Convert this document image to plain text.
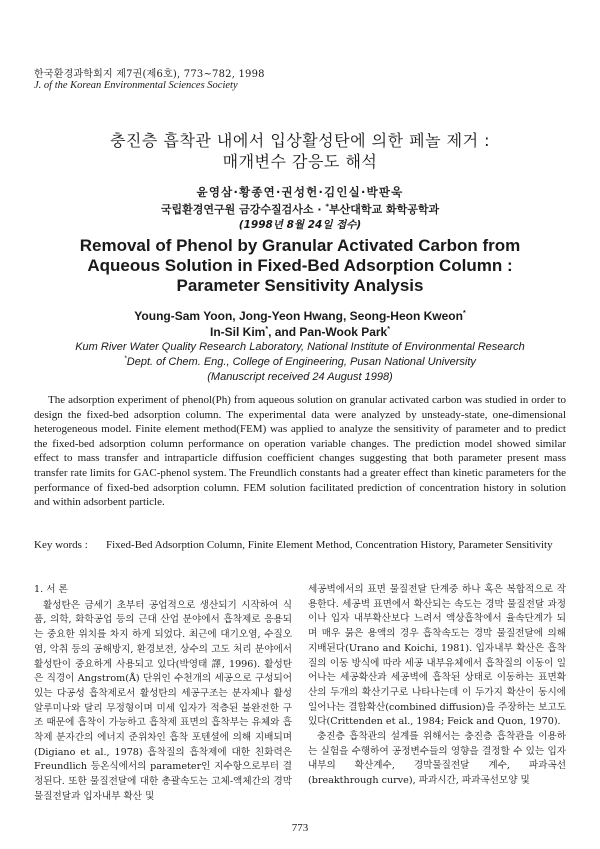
한국환경과학회지 제7권(제6호), 773~782, 1998
J. of the Korean Environmental Sciences Society
충진층 흡착관 내에서 입상활성탄에 의한 페놀 제거 :
매개변수 감응도 해석
윤영삼·황종연·권성헌·김인실·박판욱
국립환경연구원 금강수질검사소 · *부산대학교 화학공학과
(1998년 8월 24일 접수)
Removal of Phenol by Granular Activated Carbon from
Aqueous Solution in Fixed-Bed Adsorption Column :
Parameter Sensitivity Analysis
Young-Sam Yoon, Jong-Yeon Hwang, Seong-Heon Kweon*
In-Sil Kim*, and Pan-Wook Park*
Kum River Water Quality Research Laboratory, National Institute of Environmental Research
*Dept. of Chem. Eng., College of Engineering, Pusan National University
(Manuscript received 24 August 1998)
The adsorption experiment of phenol(Ph) from aqueous solution on granular activated carbon was studied in order to design the fixed-bed adsorption column. The experimental data were analyzed by unsteady-state, one-dimensional heterogeneous model. Finite element method(FEM) was applied to analyze the sensitivity of parameter and to predict the fixed-bed adsorption column performance on operation variable changes. The prediction model showed similar effect to mass transfer and intraparticle diffusion coefficient changes suggesting that both parameter present mass transfer rate limits for GAC-phenol system. The Freundlich constants had a greater effect than kinetic parameters for the performance of fixed-bed adsorption column. FEM solution facilitated prediction of concentration history in solution and within adsorbent particle.
Key words : Fixed-Bed Adsorption Column, Finite Element Method, Concentration History, Parameter Sensitivity

1. 서 론

활성탄은 금세기 초부터 공업적으로 생산되기 시작하여 식품, 의학, 화학공업 등의 근대 산업 분야에서 흡착제로 응용되는 중요한 위치를 차지 하게 되었다. 최근에 대기오염, 수질오염, 악취 등의 공해방지, 환경보전, 상수의 고도 처리 분야에서 활성탄이 중요하게 사용되고 있다(박영태 譯, 1996). 활성탄은 직경이 Angstrom(Å) 단위인 수천개의 세공으로 구성되어 있는 다공성 흡착제로서 활성탄의 세공구조는 분자체나 활성 알루미나와 달리 무정형이며 미세 입자가 적층된 불완전한 구조 때문에 흡착이 가능하고 흡착제 표면의 흡착부는 유체와 흡착제 분자간의 에너지 준위차인 흡착 포텐셜에 의해 지배되며(Digiano et al., 1978) 흡착질의 흡착제에 대한 친화력은 Freundlich 등온식에서의 parameter인 지수항으로부터 결정된다. 또한 물질전달에 대한 총괄속도는 고체-액체간의 경막 물질전달과 입자내부 확산 및

세공벽에서의 표면 물질전달 단계중 하나 혹은 복합적으로 작용한다. 세공벽 표면에서 확산되는 속도는 경막 물질전달 과정이나 입자 내부확산보다 느려서 액상흡착에서 율속단계가 되며 매우 묽은 용액의 경우 흡착속도는 경막 물질전달에 의해 지배된다(Urano and Koichi, 1981). 입자내부 확산은 흡착질의 이동 방식에 따라 세공 내부유체에서 흡착질의 이동이 일어나는 세공확산과 세공벽에 흡착된 상태로 이동하는 표면확산의 두개의 확산기구로 나타나는데 이 두가지 확산이 동시에 일어나는 결합확산(combined diffusion)을 주장하는 보고도 있다(Crittenden et al., 1984; Feick and Quon, 1970).

충진층 흡착관의 설계를 위해서는 충진층 흡착관을 이용하는 실험을 수행하여 공정변수들의 영향을 결정할 수 있는 입자내부의 확산계수, 경막물질전달 계수, 파과곡선(breakthrough curve), 파과시간, 파과곡선모양 및

773
